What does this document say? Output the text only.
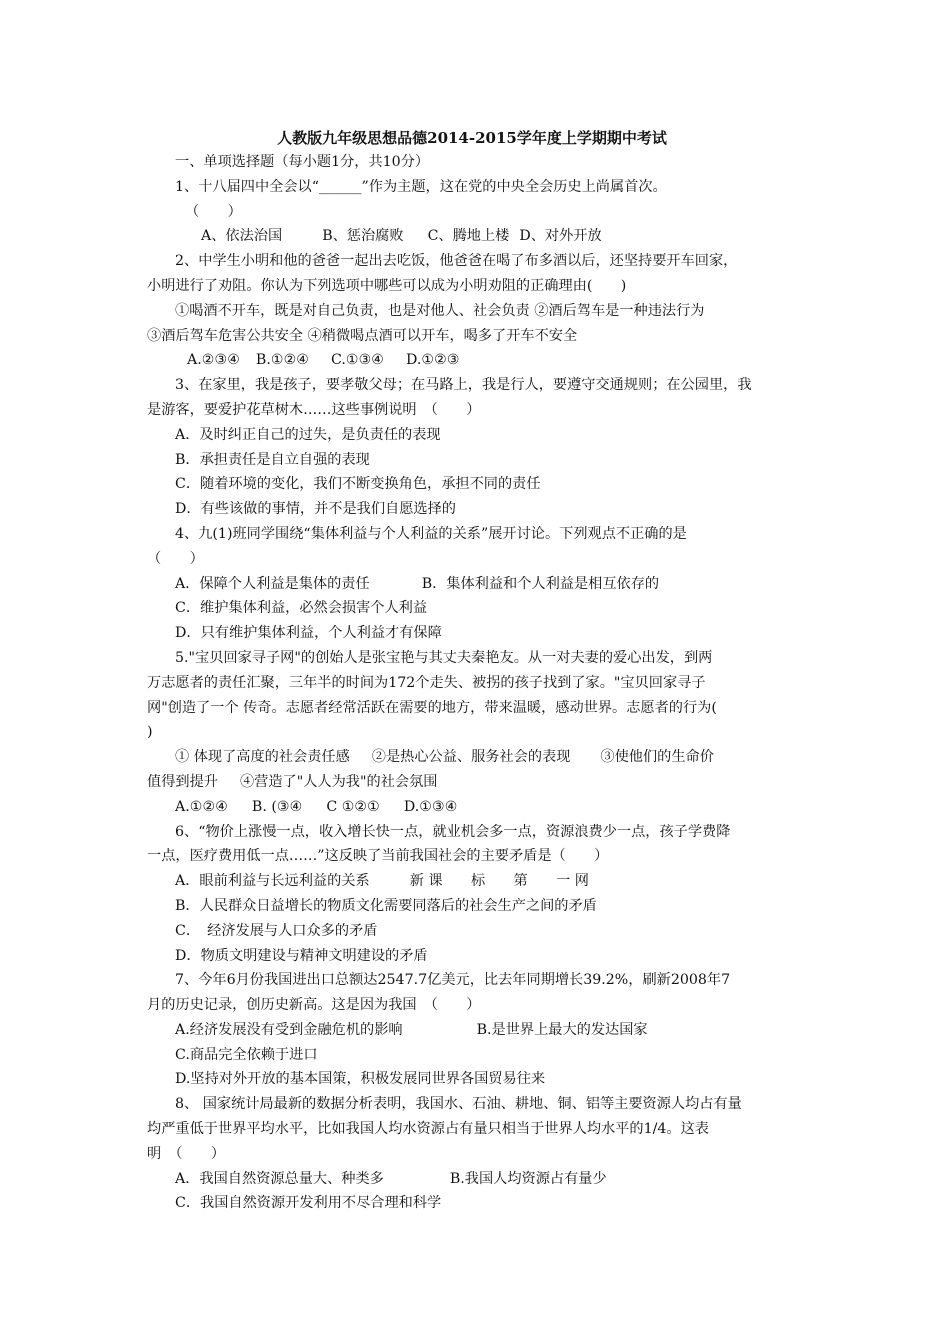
人教版九年级思想品德2014-2015学年度上学期期中考试
一、单项选择题（每小题1分，共10分）
1、十八届四中全会以“______”作为主题，这在党的中央全会历史上尚属首次。
（　　）
A、依法治国	B、惩治腐败 C、腾地上楼 D、对外开放
2、中学生小明和他的爸爸一起出去吃饭，他爸爸在喝了布多酒以后，还坚持要开车回家，
小明进行了劝阻。你认为下列选项中哪些可以成为小明劝阻的正确理由(　　)
①喝酒不开车，既是对自己负责，也是对他人、社会负责 ②酒后驾车是一种违法行为
③酒后驾车危害公共安全 ④稍微喝点酒可以开车，喝多了开车不安全
A.②③④ B.①②④ C.①③④ D.①②③
3、在家里，我是孩子，要孝敬父母；在马路上，我是行人，要遵守交通规则；在公园里，我
是游客，要爱护花草树木……这些事例说明　（　　）
A．及时纠正自己的过失，是负责任的表现
B．承担责任是自立自强的表现
C．随着环境的变化，我们不断变换角色，承担不同的责任
D．有些该做的事情，并不是我们自愿选择的
4、九(1)班同学围绕“集体利益与个人利益的关系”展开讨论。下列观点不正确的是
（　　）
A．保障个人利益是集体的责任	B．集体利益和个人利益是相互依存的
C．维护集体利益，必然会损害个人利益
D．只有维护集体利益，个人利益才有保障
5."宝贝回家寻子网"的创始人是张宝艳与其丈夫秦艳友。从一对夫妻的爱心出发，到两
万志愿者的责任汇聚，三年半的时间为172个走失、被拐的孩子找到了家。"宝贝回家寻子
网"创造了一个 传奇。志愿者经常活跃在需要的地方，带来温暖，感动世界。志愿者的行为(
)
① 体现了高度的社会责任感 ②是热心公益、服务社会的表现 ③使他们的生命价
值得到提升 ④营造了"人人为我"的社会氛围
A.①②④ B. (③④ C ①②① D.①③④
6、“物价上涨慢一点，收入增长快一点，就业机会多一点，资源浪费少一点，孩子学费降
一点，医疗费用低一点……”这反映了当前我国社会的主要矛盾是（　　）
A．眼前利益与长远利益的关系	新 课　　标　　第　　一 网
B．人民群众日益增长的物质文化需要同落后的社会生产之间的矛盾
C．　经济发展与人口众多的矛盾
D．物质文明建设与精神文明建设的矛盾
7、今年6月份我国进出口总额达2547.7亿美元，比去年同期增长39.2%，刷新2008年7
月的历史记录，创历史新高。这是因为我国　（　　）
A.经济发展没有受到金融危机的影响	B.是世界上最大的发达国家
C.商品完全依赖于进口
D.坚持对外开放的基本国策，积极发展同世界各国贸易往来
8、 国家统计局最新的数据分析表明，我国水、石油、耕地、铜、铝等主要资源人均占有量
均严重低于世界平均水平，比如我国人均水资源占有量只相当于世界人均水平的1/4。这表
明　（　　）
A．我国自然资源总量大、种类多	B.我国人均资源占有量少
C．我国自然资源开发利用不尽合理和科学
